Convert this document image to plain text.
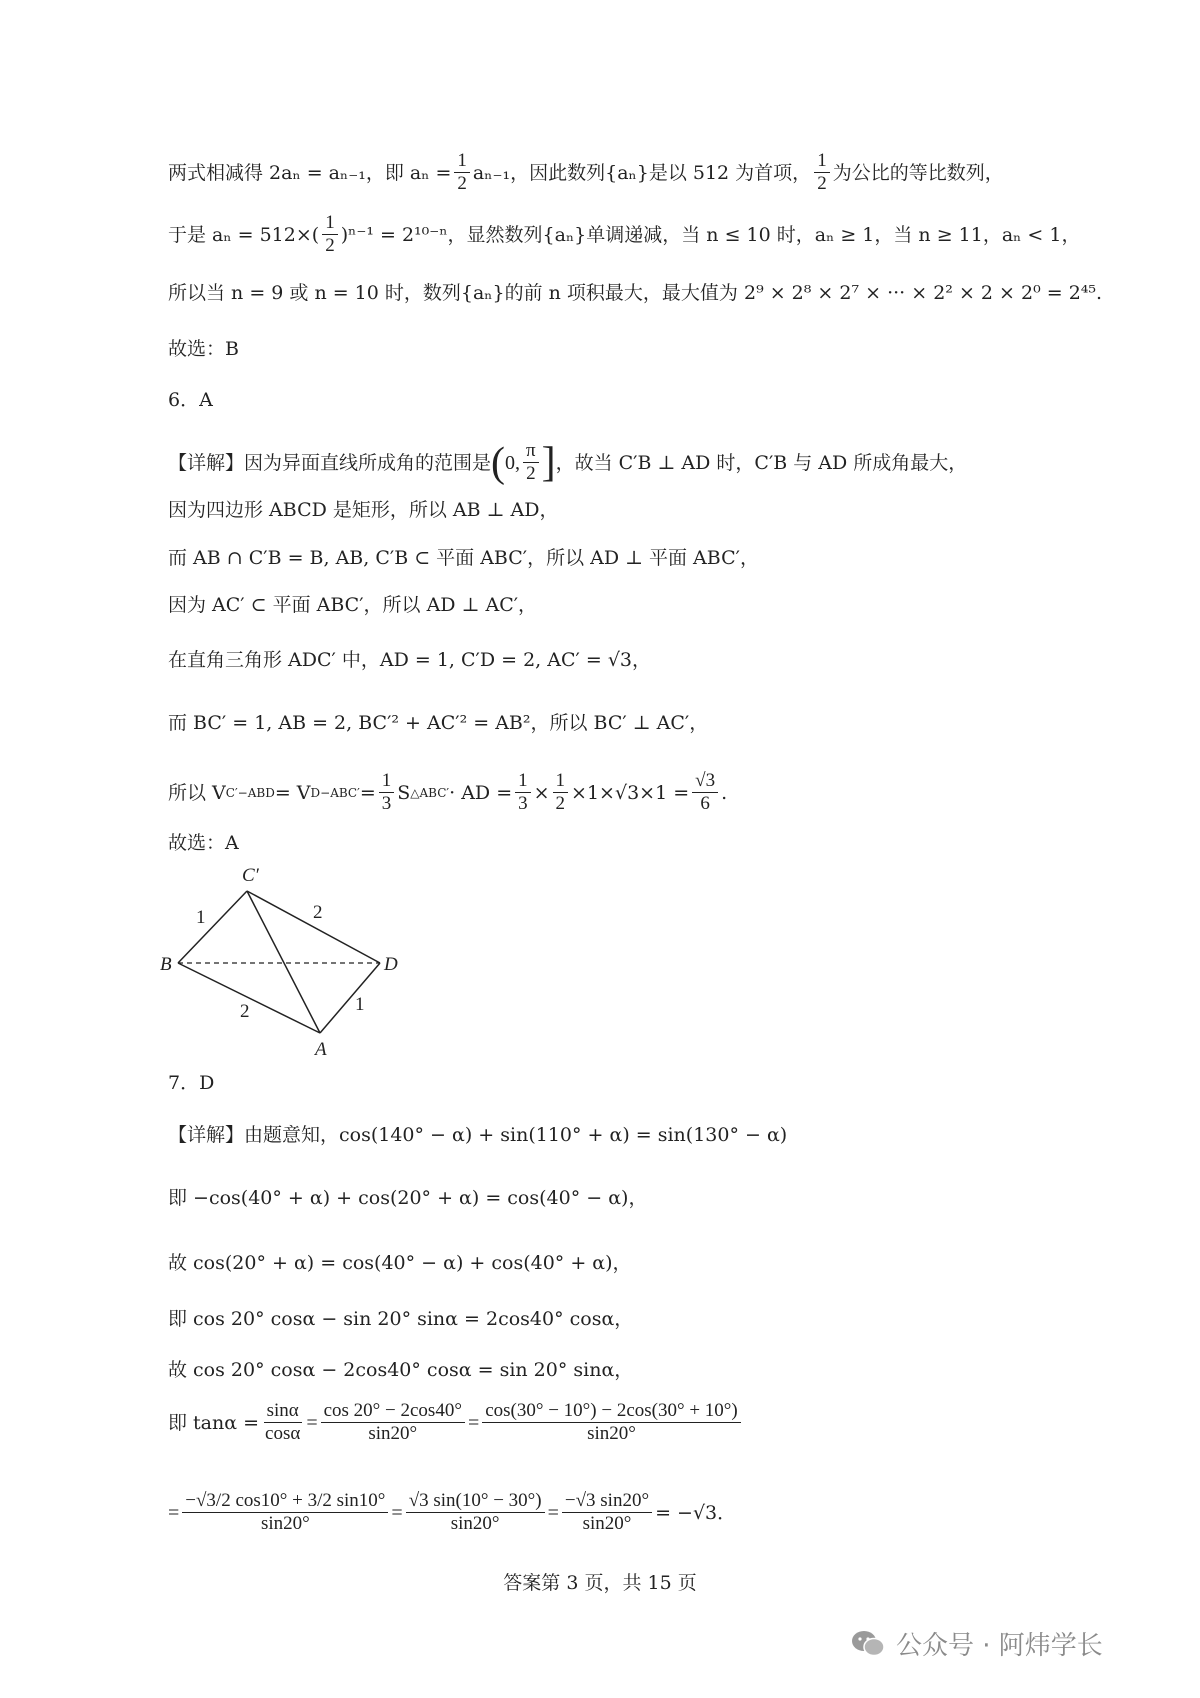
两式相减得 2aₙ = aₙ₋₁，即 $a_n = \frac{1}{2} a_{n-1}$，因此数列{aₙ}是以 512 为首项， $\frac{1}{2}$ 为公比的等比数列，
于是 $a_n = 512\times( \frac{1}{2} )^{n-1} = 2^{10-n}$，显然数列{aₙ}单调递减，当 n ≤ 10 时，aₙ ≥ 1，当 n ≥ 11，aₙ < 1，
所以当 n = 9 或 n = 10 时，数列{aₙ}的前 n 项积最大，最大值为 2⁹ × 2⁸ × 2⁷ × ··· × 2² × 2 × 2⁰ = 2⁴⁵.
故选：B
6．A
【详解】因为异面直线所成角的范围是 ( 0, $\frac{\pi}{2}$ ] ，故当 C′B ⊥ AD 时，C′B 与 AD 所成角最大，
因为四边形 ABCD 是矩形，所以 AB ⊥ AD，
而 AB ∩ C′B = B, AB, C′B ⊂ 平面 ABC′，所以 AD ⊥ 平面 ABC′，
因为 AC′ ⊂ 平面 ABC′，所以 AD ⊥ AC′，
在直角三角形 ADC′ 中，AD = 1, C′D = 2, AC′ = √3，
而 BC′ = 1, AB = 2, BC′² + AC′² = AB²，所以 BC′ ⊥ AC′，
所以 V C′−ABD = V $D-ABC' = \frac{1}{3}$ S △ABC′ · AD = $\frac{1}{3} \times \frac{1}{2} \times 1\times√3\times 1 = \frac{√3}{6}$ .
故选：A
C′
B	D
A
1	2
2	1
7．D
【详解】由题意知，cos(140° − α) + sin(110° + α) = sin(130° − α)
即 −cos(40° + α) + cos(20° + α) = cos(40° − α)，
故 cos(20° + α) = cos(40° − α) + cos(40° + α)，
即 cos 20° cosα − sin 20° sinα = 2cos40° cosα，
故 cos 20° cosα − 2cos40° cosα = sin 20° sinα，
即 $\tan\alpha = \frac{\sin\alpha}{\cos\alpha} = \frac{\cos 20^\circ - 2\cos 40^\circ}{\sin 20^\circ} = \frac{\cos(30^\circ - 10^\circ) - 2\cos(30^\circ + 10^\circ)}{\sin 20^\circ}$
= $\frac{-√3/2 \cos 10^\circ + 3/2 \sin 10^\circ}{\sin 20^\circ} = \frac{√3 \sin(10^\circ - 30^\circ)}{\sin 20^\circ} = \frac{-√3 \sin 20^\circ}{\sin 20^\circ} = -√3$．
答案第 3 页，共 15 页
公众号 · 阿炜学长
